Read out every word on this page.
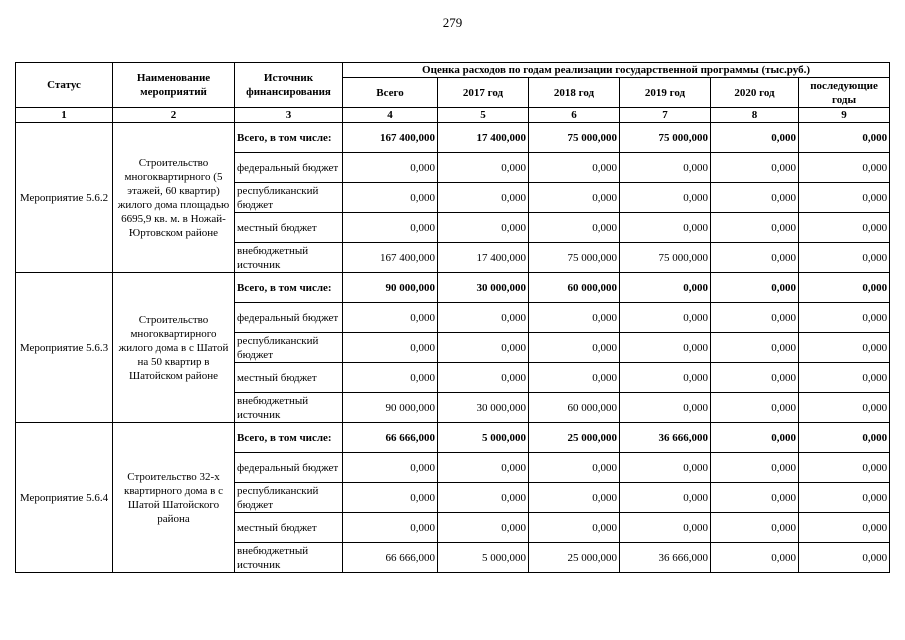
279
Статус	Наименование мероприятий	Источник финансирования	Оценка расходов по годам реализации государственной программы (тыс.руб.)					
			Всего	2017 год	2018 год	2019 год	2020 год	последующие годы
1	2	3	4	5	6	7	8	9
Мероприятие 5.6.2	Строительство многоквартирного (5 этажей, 60 квартир) жилого дома площадью 6695,9 кв. м. в Ножай-Юртовском районе	Всего, в том числе:	167 400,000	17 400,000	75 000,000	75 000,000	0,000	0,000
		федеральный бюджет	0,000	0,000	0,000	0,000	0,000	0,000
		республиканский бюджет	0,000	0,000	0,000	0,000	0,000	0,000
		местный бюджет	0,000	0,000	0,000	0,000	0,000	0,000
		внебюджетный источник	167 400,000	17 400,000	75 000,000	75 000,000	0,000	0,000
Мероприятие 5.6.3	Строительство многоквартирного жилого дома в с Шатой на 50 квартир в Шатойском районе	Всего, в том числе:	90 000,000	30 000,000	60 000,000	0,000	0,000	0,000
		федеральный бюджет	0,000	0,000	0,000	0,000	0,000	0,000
		республиканский бюджет	0,000	0,000	0,000	0,000	0,000	0,000
		местный бюджет	0,000	0,000	0,000	0,000	0,000	0,000
		внебюджетный источник	90 000,000	30 000,000	60 000,000	0,000	0,000	0,000
Мероприятие 5.6.4	Строительство 32-х квартирного дома в с Шатой Шатойского района	Всего, в том числе:	66 666,000	5 000,000	25 000,000	36 666,000	0,000	0,000
		федеральный бюджет	0,000	0,000	0,000	0,000	0,000	0,000
		республиканский бюджет	0,000	0,000	0,000	0,000	0,000	0,000
		местный бюджет	0,000	0,000	0,000	0,000	0,000	0,000
		внебюджетный источник	66 666,000	5 000,000	25 000,000	36 666,000	0,000	0,000
